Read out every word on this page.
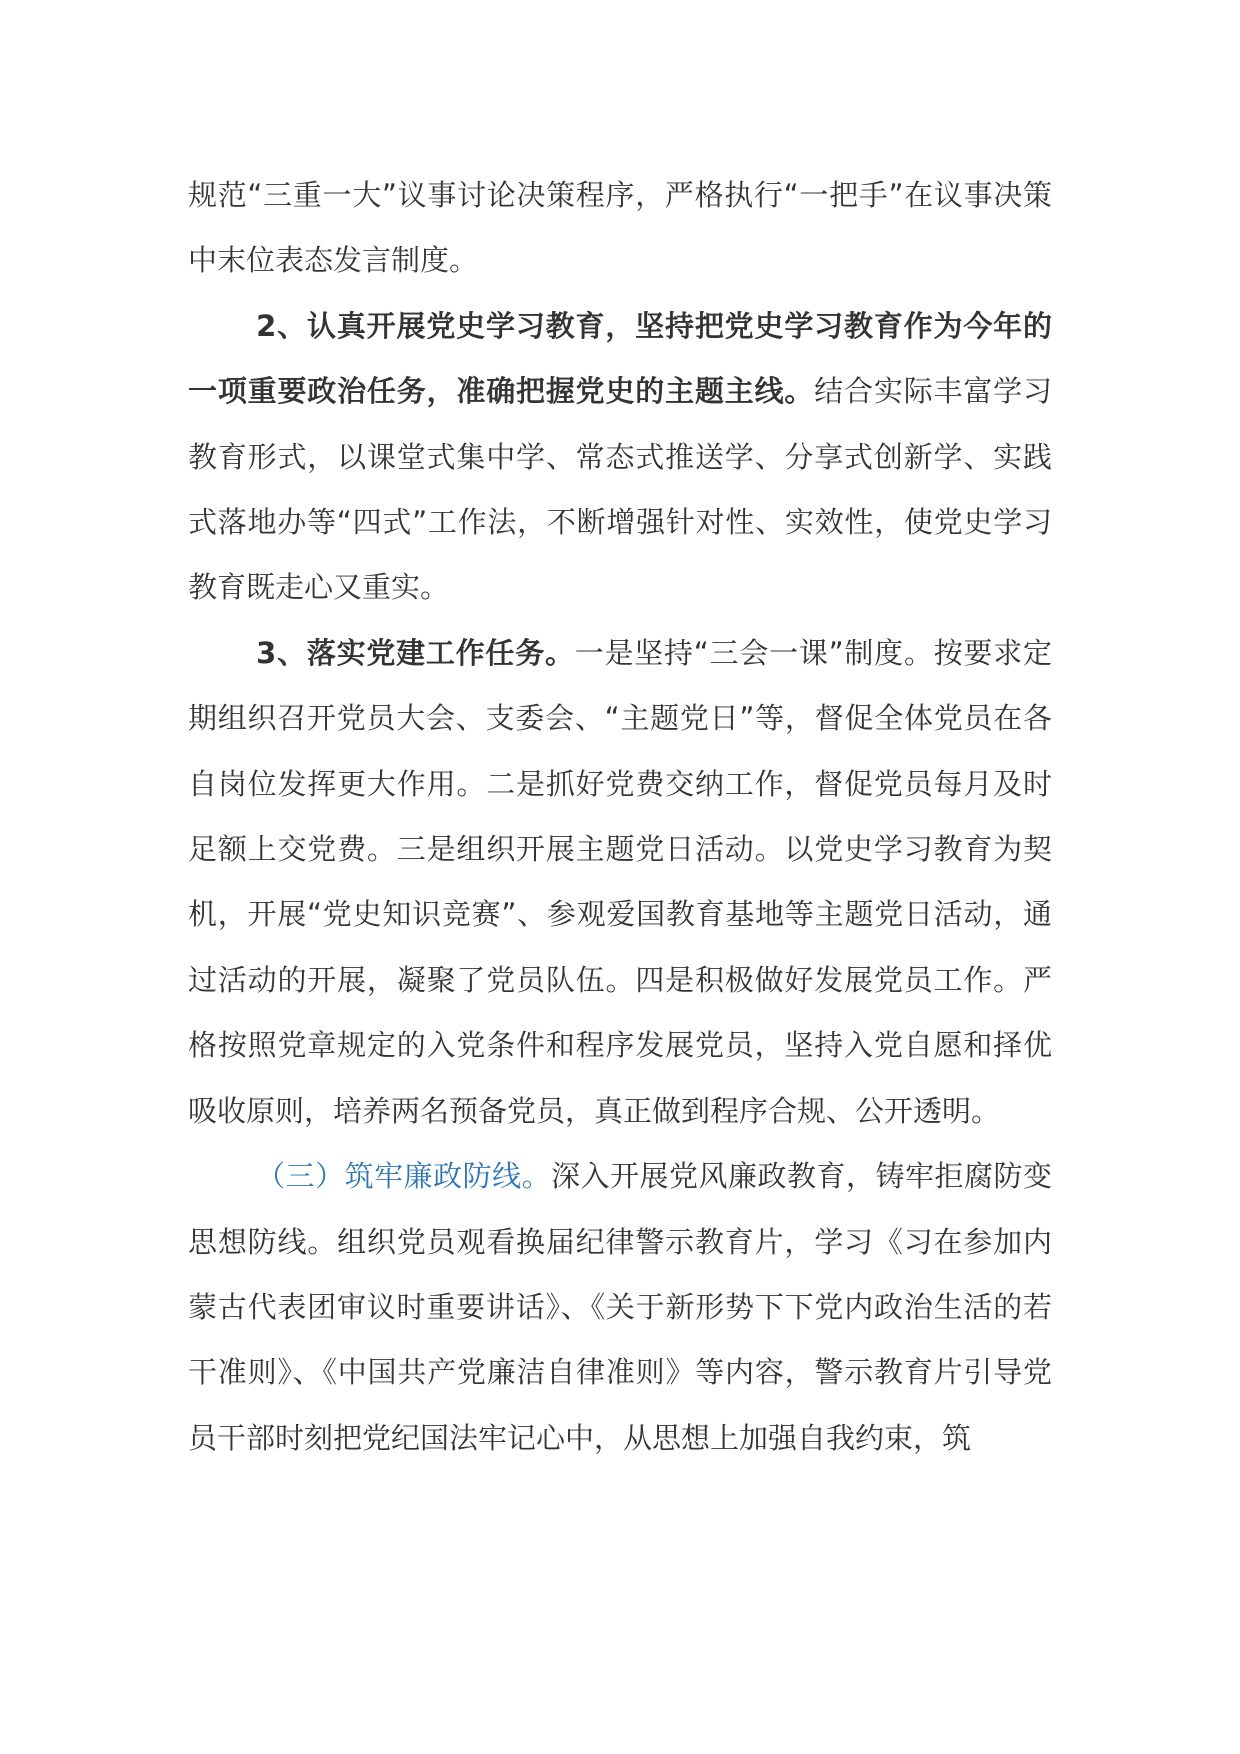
规范“三重一大”议事讨论决策程序，严格执行“一把手”在议事决策中末位表态发言制度。

2、认真开展党史学习教育，坚持把党史学习教育作为今年的一项重要政治任务，准确把握党史的主题主线。结合实际丰富学习教育形式，以课堂式集中学、常态式推送学、分享式创新学、实践式落地办等“四式”工作法，不断增强针对性、实效性，使党史学习教育既走心又重实。

3、落实党建工作任务。一是坚持“三会一课”制度。按要求定期组织召开党员大会、支委会、“主题党日”等，督促全体党员在各自岗位发挥更大作用。二是抓好党费交纳工作，督促党员每月及时足额上交党费。三是组织开展主题党日活动。以党史学习教育为契机，开展“党史知识竞赛”、参观爱国教育基地等主题党日活动，通过活动的开展，凝聚了党员队伍。四是积极做好发展党员工作。严格按照党章规定的入党条件和程序发展党员，坚持入党自愿和择优吸收原则，培养两名预备党员，真正做到程序合规、公开透明。

（三）筑牢廉政防线。深入开展党风廉政教育，铸牢拒腐防变思想防线。组织党员观看换届纪律警示教育片，学习《习在参加内蒙古代表团审议时重要讲话》、《关于新形势下下党内政治生活的若干准则》、《中国共产党廉洁自律准则》等内容，警示教育片引导党员干部时刻把党纪国法牢记心中，从思想上加强自我约束，筑
